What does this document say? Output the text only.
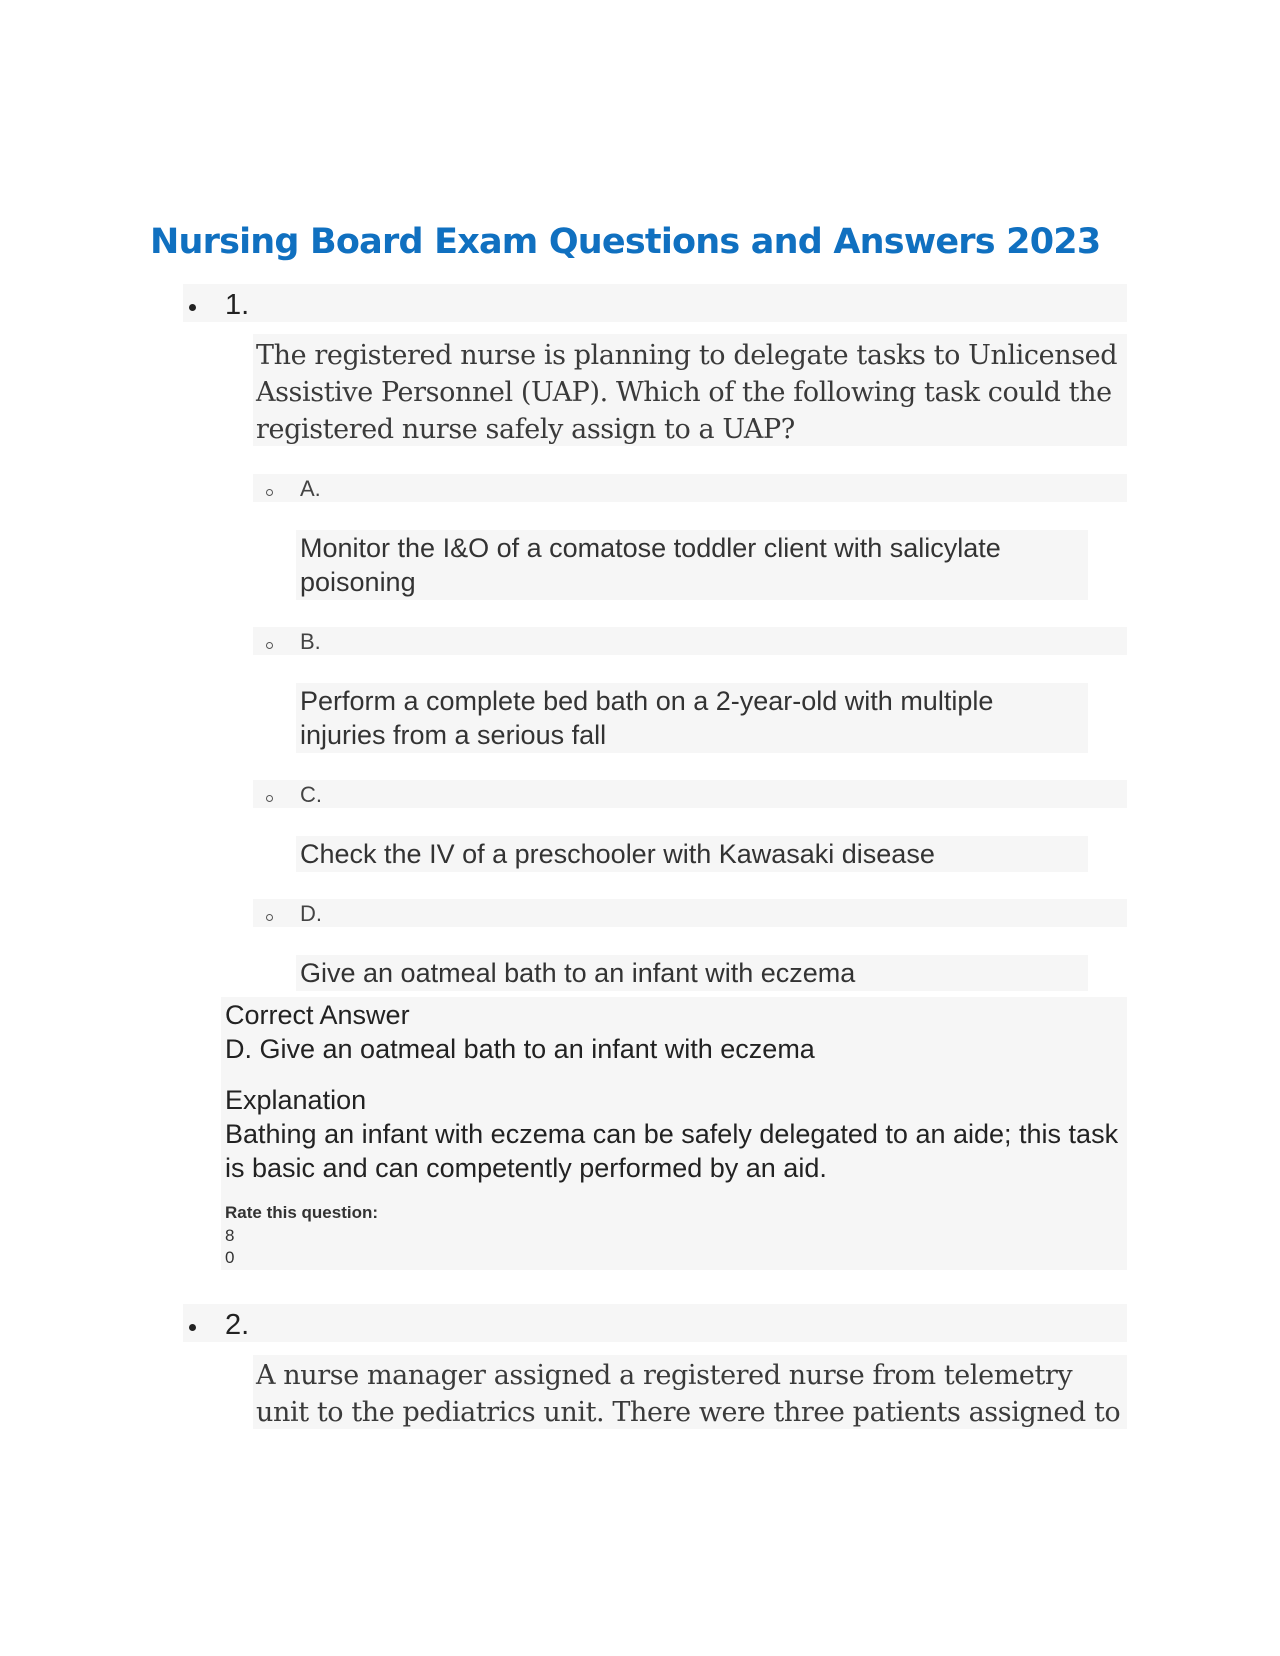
Nursing Board Exam Questions and Answers 2023
1.
The registered nurse is planning to delegate tasks to Unlicensed Assistive Personnel (UAP). Which of the following task could the registered nurse safely assign to a UAP?
A.
Monitor the I&O of a comatose toddler client with salicylate poisoning
B.
Perform a complete bed bath on a 2-year-old with multiple injuries from a serious fall
C.
Check the IV of a preschooler with Kawasaki disease
D.
Give an oatmeal bath to an infant with eczema
Correct Answer
D. Give an oatmeal bath to an infant with eczema
Explanation
Bathing an infant with eczema can be safely delegated to an aide; this task is basic and can competently performed by an aid.
Rate this question:
8
0
2.
A nurse manager assigned a registered nurse from telemetry unit to the pediatrics unit. There were three patients assigned to
